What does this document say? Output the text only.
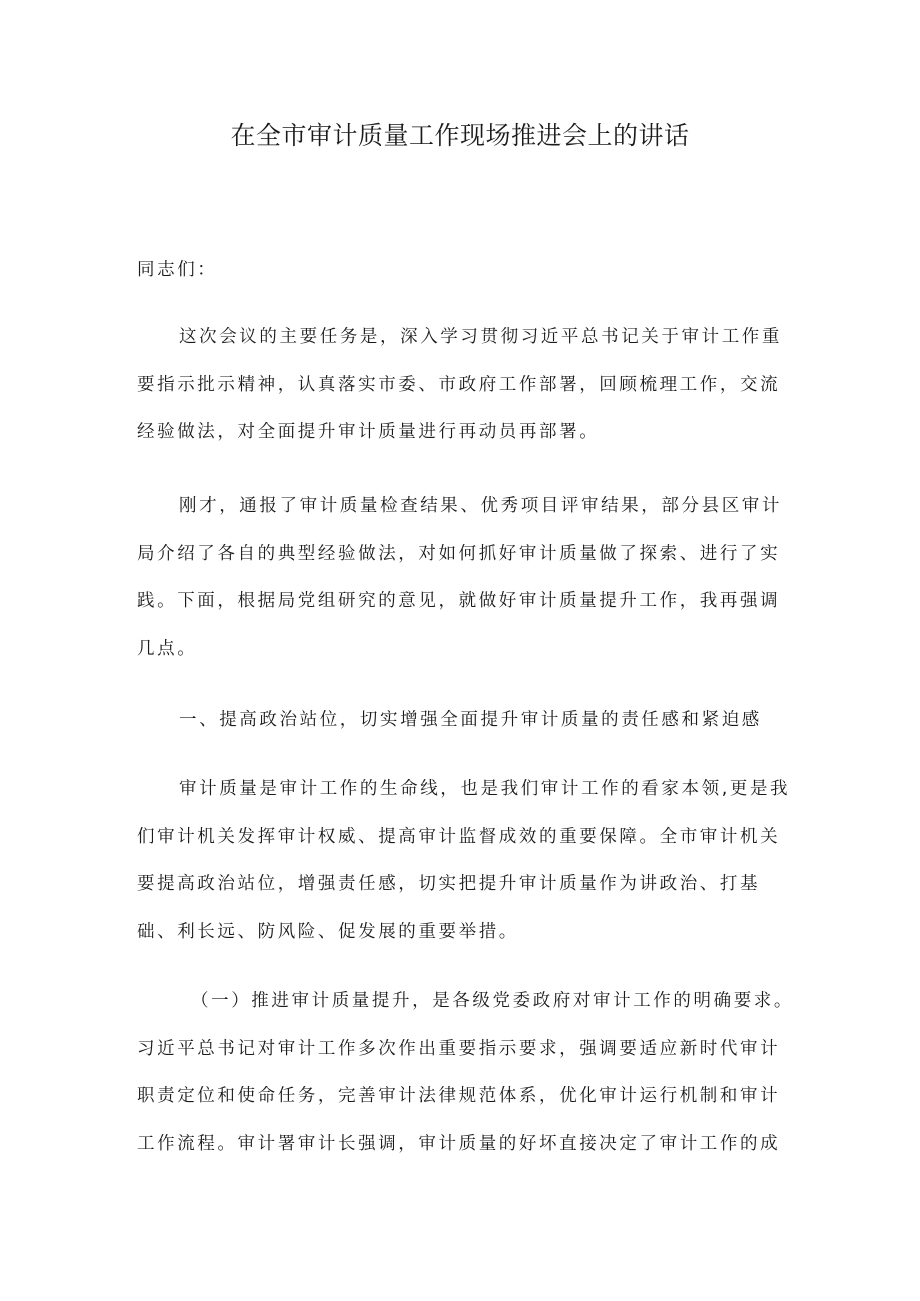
在全市审计质量工作现场推进会上的讲话

同志们：

这次会议的主要任务是，深入学习贯彻习近平总书记关于审计工作重要指示批示精神，认真落实市委、市政府工作部署，回顾梳理工作，交流经验做法，对全面提升审计质量进行再动员再部署。

刚才，通报了审计质量检查结果、优秀项目评审结果，部分县区审计局介绍了各自的典型经验做法，对如何抓好审计质量做了探索、进行了实践。下面，根据局党组研究的意见，就做好审计质量提升工作，我再强调几点。

一、提高政治站位，切实增强全面提升审计质量的责任感和紧迫感

审计质量是审计工作的生命线，也是我们审计工作的看家本领,更是我们审计机关发挥审计权威、提高审计监督成效的重要保障。全市审计机关要提高政治站位，增强责任感，切实把提升审计质量作为讲政治、打基础、利长远、防风险、促发展的重要举措。

（一）推进审计质量提升，是各级党委政府对审计工作的明确要求。习近平总书记对审计工作多次作出重要指示要求，强调要适应新时代审计职责定位和使命任务，完善审计法律规范体系，优化审计运行机制和审计工作流程。审计署审计长强调，审计质量的好坏直接决定了审计工作的成
